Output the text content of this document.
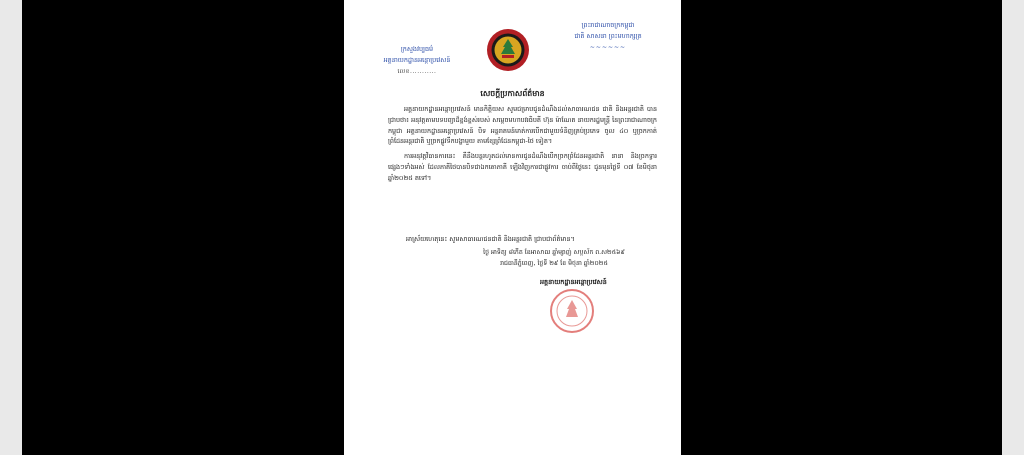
ក្រសួងវប្បធម៌
អគ្គនាយកដ្ឋានអន្តោប្រវេសន៍
លេខ...........
ព្រះរាជាណាចក្រកម្ពុជា
ជាតិ សាសនា ព្រះមហាក្សត្រ
~~~~~~
សេចក្តីប្រកាសព័ត៌មាន

អគ្គនាយកដ្ឋានអន្តោប្រវេសន៍ មានកិត្តិយស សូមជម្រាបជូនដំណឹងដល់សាធារណជន ជាតិ និងអន្តរជាតិ បានជ្រាបថា៖ អនុវត្តតាមបទបញ្ជាដ៏ខ្ពង់ខ្ពស់របស់ សម្តេចមហាបវរធិបតី ហ៊ុន ម៉ាណែត នាយករដ្ឋមន្ត្រី នៃព្រះរាជាណាចក្រកម្ពុជា អគ្គនាយកដ្ឋានអន្តោប្រវេសន៍ បិទ អន្តរាគមន៍មាត់ការបើកជាមួយទំនិញគ្រប់ប្រភេទ ចូល ៤០ ឬច្រកកាត់ព្រំដែនអន្តរជាតិ ឬច្រកផ្លូវទឹកបង្ហាមួយ តាមខ្សែព្រំដែនកម្ពុជា-ថៃ ទៀត។

ការអនុវត្តវិធានការនេះ គឺនឹងបន្តរហូតដល់មានការជូនដំណឹងបើកច្រកព្រំដែនអន្តរជាតិ នានា និងច្រកទ្វារផ្សេងៗទាំងអស់ ដែលភាគីថៃបានបិទជាឯកតោភាគី ឡើងវិញការជាផ្លូវការ ចាប់ពីថ្ងៃនេះ ជូនមុនថ្ងៃទី ០៧ ខែមិថុនា ឆ្នាំ២០២៥ តទៅ។

អាស្រ័យហេតុនេះ សូមសាធារណជនជាតិ និងអន្តរជាតិ ជ្រាបជាព័ត៌មាន។
ថ្ងៃ អាទិត្យ ៨កើត ខែអាសាឍ ឆ្នាំម្សាញ់ សប្តស័ក ព.ស២៥៦៩
រាជធានីភ្នំពេញ, ថ្ងៃទី ២៩ ខែ មិថុនា ឆ្នាំ២០២៥
អគ្គនាយកដ្ឋានអន្តោប្រវេសន៍
